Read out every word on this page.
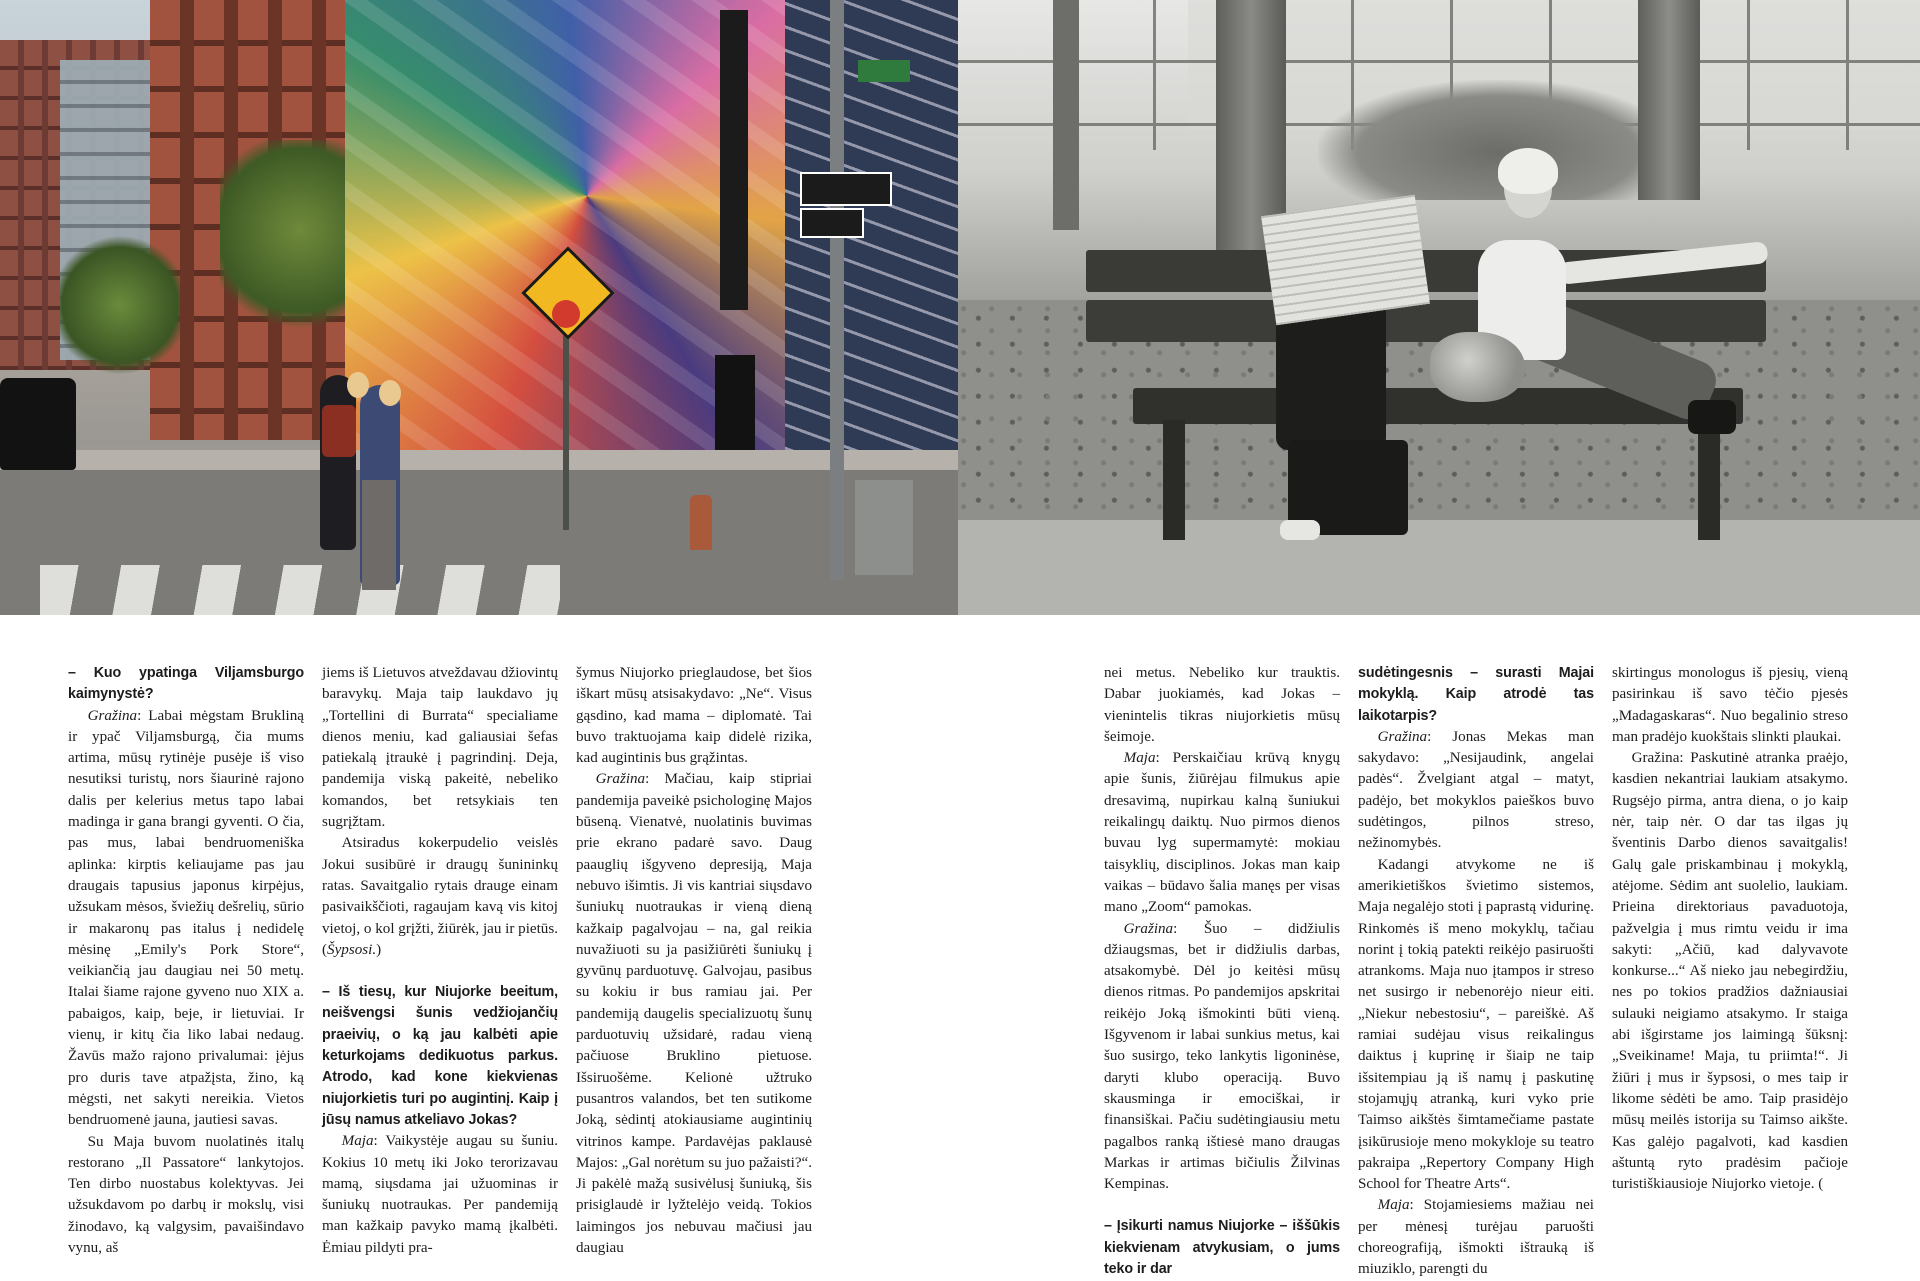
– Kuo ypatinga Viljamsburgo kaimynystė?

Gražina: Labai mėgstam Brukliną ir ypač Viljamsburgą, čia mums artima, mūsų rytinėje pusėje iš viso nesutiksi turistų, nors šiaurinė rajono dalis per kelerius metus tapo labai madinga ir gana brangi gyventi. O čia, pas mus, labai bendruomeniška aplinka: kirptis keliaujame pas jau draugais tapusius japonus kirpėjus, užsukam mėsos, šviežių dešrelių, sūrio ir makaronų pas italus į nedidelę mėsinę „Emily's Pork Store“, veikiančią jau daugiau nei 50 metų. Italai šiame rajone gyveno nuo XIX a. pabaigos, kaip, beje, ir lietuviai. Ir vienų, ir kitų čia liko labai nedaug. Žavūs mažo rajono privalumai: įėjus pro duris tave atpažįsta, žino, ką mėgsti, net sakyti nereikia. Vietos bendruomenė jauna, jautiesi savas.

Su Maja buvom nuolatinės italų restorano „Il Passatore“ lankytojos. Ten dirbo nuostabus kolektyvas. Jei užsukdavom po darbų ir mokslų, visi žinodavo, ką valgysim, pavaišindavo vynu, aš

jiems iš Lietuvos atveždavau džiovintų baravykų. Maja taip laukdavo jų „Tortellini di Burrata“ specialiame dienos meniu, kad galiausiai šefas patiekalą įtraukė į pagrindinį. Deja, pandemija viską pakeitė, nebeliko komandos, bet retsykiais ten sugrįžtam.

Atsiradus kokerpudelio veislės Jokui susibūrė ir draugų šunininkų ratas. Savaitgalio rytais drauge einam pasivaikščioti, ragaujam kavą vis kitoj vietoj, o kol grįžti, žiūrėk, jau ir pietūs. (Šypsosi.)

– Iš tiesų, kur Niujorke beeitum, neišvengsi šunis vedžiojančių praeivių, o ką jau kalbėti apie keturkojams dedikuotus parkus. Atrodo, kad kone kiekvienas niujorkietis turi po augintinį. Kaip į jūsų namus atkeliavo Jokas?

Maja: Vaikystėje augau su šuniu. Kokius 10 metų iki Joko terorizavau mamą, siųsdama jai užuominas ir šuniukų nuotraukas. Per pandemiją man kažkaip pavyko mamą įkalbėti. Ėmiau pildyti pra-

šymus Niujorko prieglaudose, bet šios iškart mūsų atsisakydavo: „Ne“. Visus gąsdino, kad mama – diplomatė. Tai buvo traktuojama kaip didelė rizika, kad augintinis bus grąžintas.

Gražina: Mačiau, kaip stipriai pandemija paveikė psichologinę Majos būseną. Vienatvė, nuolatinis buvimas prie ekrano padarė savo. Daug paauglių išgyveno depresiją, Maja nebuvo išimtis. Ji vis kantriai siųsdavo šuniukų nuotraukas ir vieną dieną kažkaip pagalvojau – na, gal reikia nuvažiuoti su ja pasižiūrėti šuniukų į gyvūnų parduotuvę. Galvojau, pasibus su kokiu ir bus ramiau jai. Per pandemiją daugelis specializuotų šunų parduotuvių užsidarė, radau vieną pačiuose Bruklino pietuose. Išsiruošėme. Kelionė užtruko pusantros valandos, bet ten sutikome Joką, sėdintį atokiausiame augintinių vitrinos kampe. Pardavėjas paklausė Majos: „Gal norėtum su juo pažaisti?“. Ji pakėlė mažą susivėlusį šuniuką, šis prisiglaudė ir lyžtelėjo veidą. Tokios laimingos jos nebuvau mačiusi jau daugiau

nei metus. Nebeliko kur trauktis. Dabar juokiamės, kad Jokas – vienintelis tikras niujorkietis mūsų šeimoje.

Maja: Perskaičiau krūvą knygų apie šunis, žiūrėjau filmukus apie dresavimą, nupirkau kalną šuniukui reikalingų daiktų. Nuo pirmos dienos buvau lyg supermamytė: mokiau taisyklių, disciplinos. Jokas man kaip vaikas – būdavo šalia manęs per visas mano „Zoom“ pamokas.

Gražina: Šuo – didžiulis džiaugsmas, bet ir didžiulis darbas, atsakomybė. Dėl jo keitėsi mūsų dienos ritmas. Po pandemijos apskritai reikėjo Joką išmokinti būti vieną. Išgyvenom ir labai sunkius metus, kai šuo susirgo, teko lankytis ligoninėse, daryti klubo operaciją. Buvo skausminga ir emociškai, ir finansiškai. Pačiu sudėtingiausiu metu pagalbos ranką ištiesė mano draugas Markas ir artimas bičiulis Žilvinas Kempinas.

– Įsikurti namus Niujorke – iššūkis kiekvienam atvykusiam, o jums teko ir dar

sudėtingesnis – surasti Majai mokyklą. Kaip atrodė tas laikotarpis?

Gražina: Jonas Mekas man sakydavo: „Nesijaudink, angelai padės“. Žvelgiant atgal – matyt, padėjo, bet mokyklos paieškos buvo sudėtingos, pilnos streso, nežinomybės.

Kadangi atvykome ne iš amerikietiškos švietimo sistemos, Maja negalėjo stoti į paprastą vidurinę. Rinkomės iš meno mokyklų, tačiau norint į tokią patekti reikėjo pasiruošti atrankoms. Maja nuo įtampos ir streso net susirgo ir nebenorėjo nieur eiti. „Niekur nebestosiu“, – pareiškė. Aš ramiai sudėjau visus reikalingus daiktus į kuprinę ir šiaip ne taip išsitempiau ją iš namų į paskutinę stojamųjų atranką, kuri vyko prie Taimso aikštės šimtamečiame pastate įsikūrusioje meno mokykloje su teatro pakraipa „Repertory Company High School for Theatre Arts“.

Maja: Stojamiesiems mažiau nei per mėnesį turėjau paruošti choreografiją, išmokti ištrauką iš miuziklo, parengti du

skirtingus monologus iš pjesių, vieną pasirinkau iš savo tėčio pjesės „Madagaskaras“. Nuo begalinio streso man pradėjo kuokštais slinkti plaukai.

Gražina: Paskutinė atranka praėjo, kasdien nekantriai laukiam atsakymo. Rugsėjo pirma, antra diena, o jo kaip nėr, taip nėr. O dar tas ilgas jų šventinis Darbo dienos savaitgalis! Galų gale priskambinau į mokyklą, atėjome. Sėdim ant suolelio, laukiam. Prieina direktoriaus pavaduotoja, pažvelgia į mus rimtu veidu ir ima sakyti: „Ačiū, kad dalyvavote konkurse...“ Aš nieko jau nebegirdžiu, nes po tokios pradžios dažniausiai sulauki neigiamo atsakymo. Ir staiga abi išgirstame jos laimingą šūksnį: „Sveikiname! Maja, tu priimta!“. Ji žiūri į mus ir šypsosi, o mes taip ir likome sėdėti be amo. Taip prasidėjo mūsų meilės istorija su Taimso aikšte. Kas galėjo pagalvoti, kad kasdien aštuntą ryto pradėsim pačioje turistiškiausioje Niujorko vietoje. (
